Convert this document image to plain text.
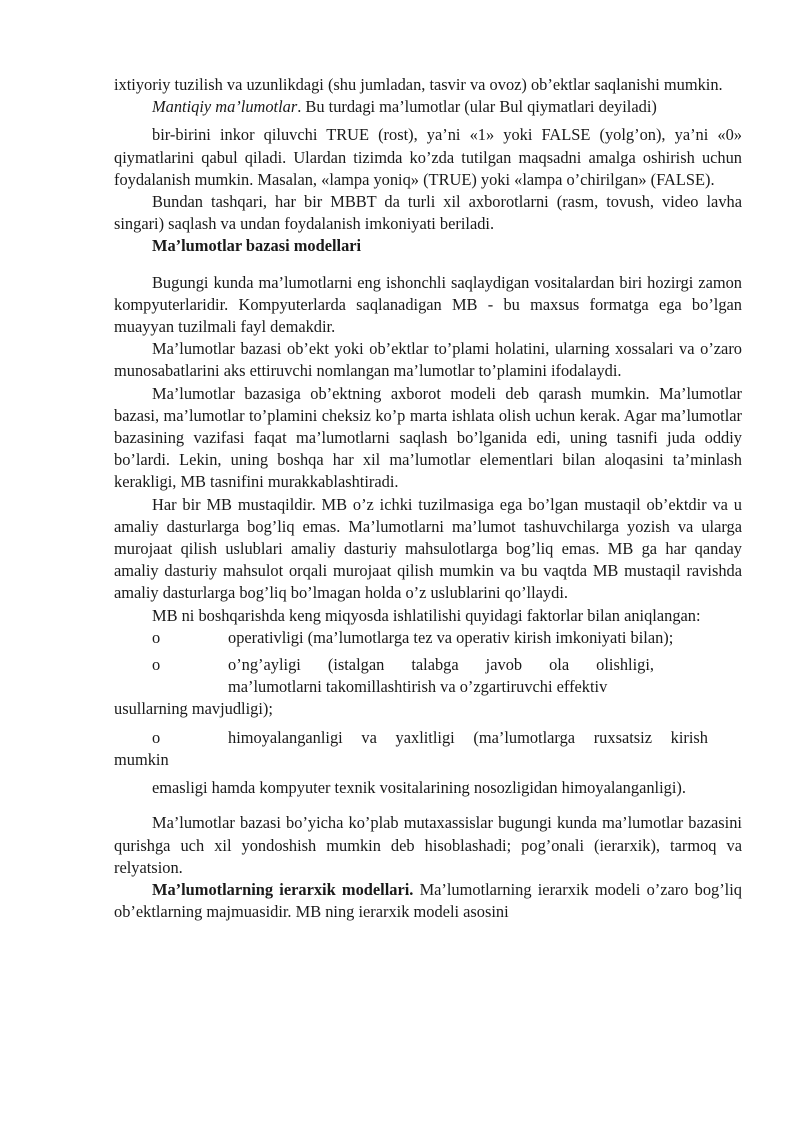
ixtiyoriy tuzilish va uzunlikdagi (shu jumladan, tasvir va ovoz) ob’ektlar saqlanishi mumkin.

Mantiqiy ma’lumotlar. Bu turdagi ma’lumotlar (ular Bul qiymatlari deyiladi)

bir-birini inkor qiluvchi TRUE (rost), ya’ni «1» yoki FALSE (yolg’on), ya’ni «0» qiymatlarini qabul qiladi. Ulardan tizimda ko’zda tutilgan maqsadni amalga oshirish uchun foydalanish mumkin. Masalan, «lampa yoniq» (TRUE) yoki «lampa o’chirilgan» (FALSE).

Bundan tashqari, har bir MBBT da turli xil axborotlarni (rasm, tovush, video lavha singari) saqlash va undan foydalanish imkoniyati beriladi.

Ma’lumotlar bazasi modellari

Bugungi kunda ma’lumotlarni eng ishonchli saqlaydigan vositalardan biri hozirgi zamon kompyuterlaridir. Kompyuterlarda saqlanadigan MB - bu maxsus formatga ega bo’lgan muayyan tuzilmali fayl demakdir.

Ma’lumotlar bazasi ob’ekt yoki ob’ektlar to’plami holatini, ularning xossalari va o’zaro munosabatlarini aks ettiruvchi nomlangan ma’lumotlar to’plamini ifodalaydi.

Ma’lumotlar bazasiga ob’ektning axborot modeli deb qarash mumkin. Ma’lumotlar bazasi, ma’lumotlar to’plamini cheksiz ko’p marta ishlata olish uchun kerak. Agar ma’lumotlar bazasining vazifasi faqat ma’lumotlarni saqlash bo’lganida edi, uning tasnifi juda oddiy bo’lardi. Lekin, uning boshqa har xil ma’lumotlar elementlari bilan aloqasini ta’minlash kerakligi, MB tasnifini murakkablashtiradi.

Har bir MB mustaqildir. MB o’z ichki tuzilmasiga ega bo’lgan mustaqil ob’ektdir va u amaliy dasturlarga bog’liq emas. Ma’lumotlarni ma’lumot tashuvchilarga yozish va ularga murojaat qilish uslublari amaliy dasturiy mahsulotlarga bog’liq emas. MB ga har qanday amaliy dasturiy mahsulot orqali murojaat qilish mumkin va bu vaqtda MB mustaqil ravishda amaliy dasturlarga bog’liq bo’lmagan holda o’z uslublarini qo’llaydi.

MB ni boshqarishda keng miqyosda ishlatilishi quyidagi faktorlar bilan aniqlangan:

o	operativligi (ma’lumotlarga tez va operativ kirish imkoniyati bilan);

o	o’ng’ayligi (istalgan talabga javob ola olishligi,

ma’lumotlarni takomillashtirish va o’zgartiruvchi effektiv

usullarning mavjudligi);

o	himoyalanganligi va yaxlitligi (ma’lumotlarga ruxsatsiz kirish

mumkin

emasligi hamda kompyuter texnik vositalarining nosozligidan himoyalanganligi).

Ma’lumotlar bazasi bo’yicha ko’plab mutaxassislar bugungi kunda ma’lumotlar bazasini qurishga uch xil yondoshish mumkin deb hisoblashadi; pog’onali (ierarxik), tarmoq va relyatsion.

Ma’lumotlarning ierarxik modellari. Ma’lumotlarning ierarxik modeli o’zaro bog’liq ob’ektlarning majmuasidir. MB ning ierarxik modeli asosini
